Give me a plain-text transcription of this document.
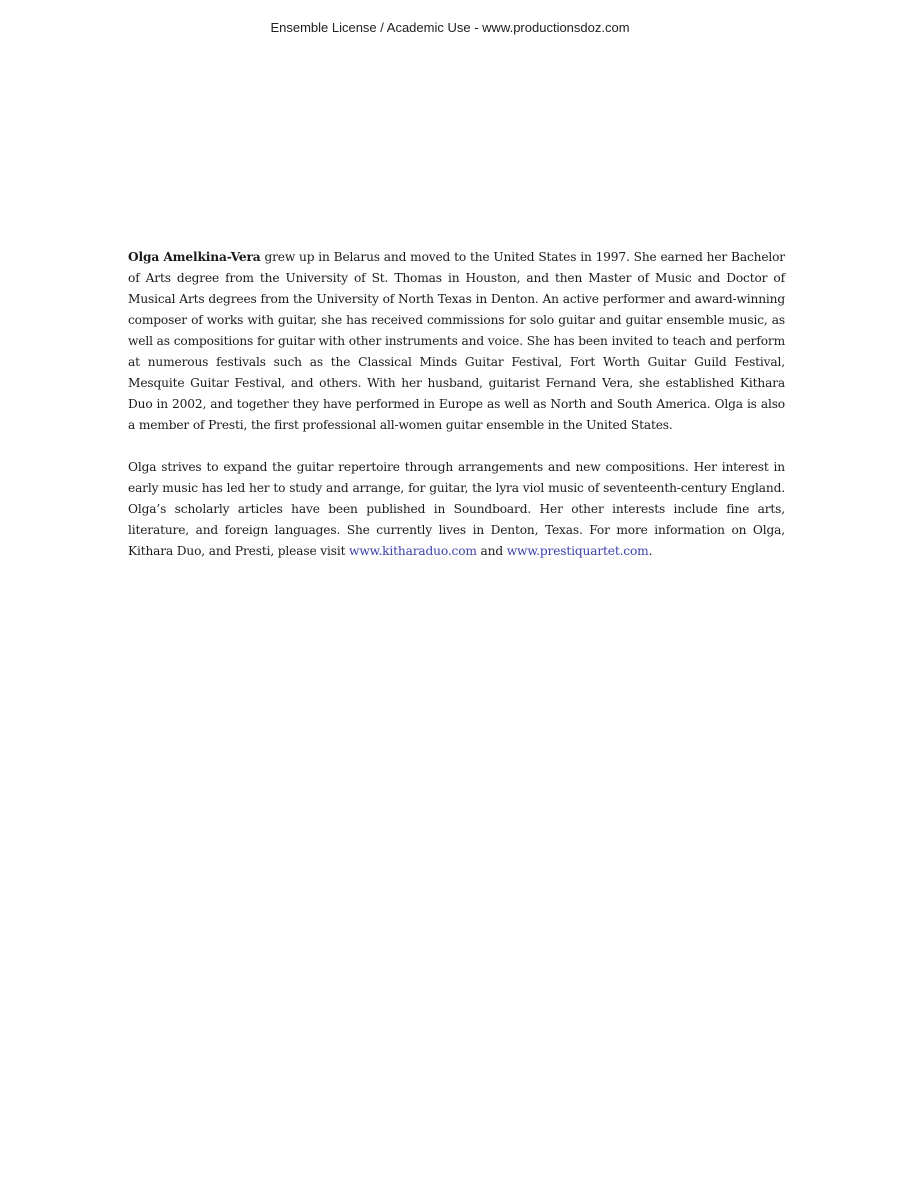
Ensemble License / Academic Use - www.productionsdoz.com

Olga Amelkina-Vera grew up in Belarus and moved to the United States in 1997. She earned her Bachelor of Arts degree from the University of St. Thomas in Houston, and then Master of Music and Doctor of Musical Arts degrees from the University of North Texas in Denton. An active performer and award-winning composer of works with guitar, she has received commissions for solo guitar and guitar ensemble music, as well as compositions for guitar with other instruments and voice. She has been invited to teach and perform at numerous festivals such as the Classical Minds Guitar Festival, Fort Worth Guitar Guild Festival, Mesquite Guitar Festival, and others. With her husband, guitarist Fernand Vera, she established Kithara Duo in 2002, and together they have performed in Europe as well as North and South America. Olga is also a member of Presti, the first professional all-women guitar ensemble in the United States.

Olga strives to expand the guitar repertoire through arrangements and new compositions. Her interest in early music has led her to study and arrange, for guitar, the lyra viol music of seventeenth-century England. Olga’s scholarly articles have been published in Soundboard. Her other interests include fine arts, literature, and foreign languages. She currently lives in Denton, Texas. For more information on Olga, Kithara Duo, and Presti, please visit www.kitharaduo.com and www.prestiquartet.com.
